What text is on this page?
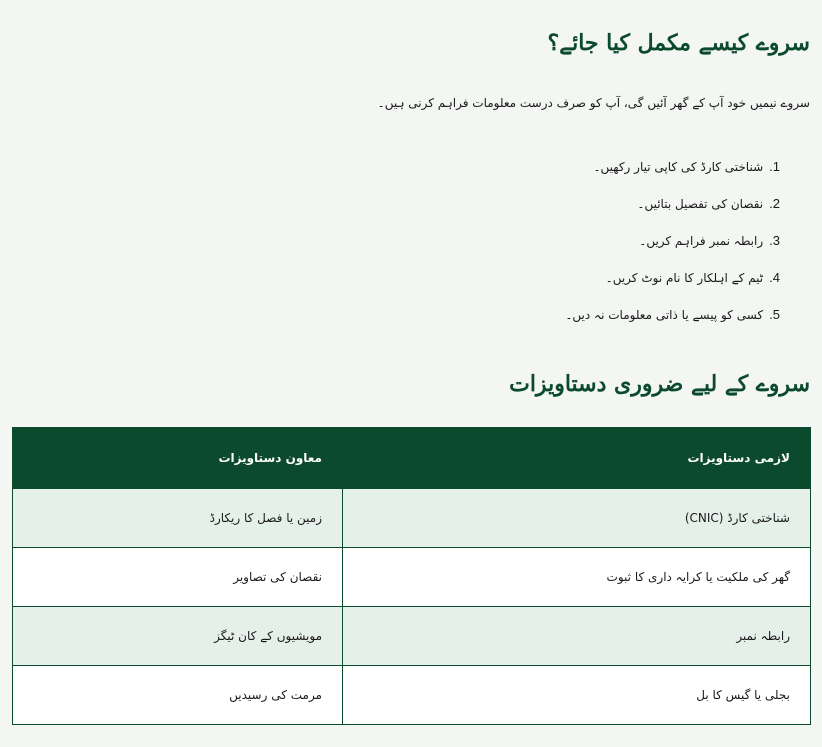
سروے کیسے مکمل کیا جائے؟

سروے نیمیں خود آپ کے گھر آئیں گی، آپ کو صرف درست معلومات فراہم کرنی ہیں۔

1.
شناختی کارڈ کی کاپی تیار رکھیں۔
2.
نقصان کی تفصیل بتائیں۔
3.
رابطہ نمبر فراہم کریں۔
4.
ٹیم کے اہلکار کا نام نوٹ کریں۔
5.
کسی کو پیسے یا ذاتی معلومات نہ دیں۔
سروے کے لیے ضروری دستاویزات
لازمی دستاویزات	معاون دستاویزات
شناختی کارڈ (CNIC)	زمین یا فصل کا ریکارڈ
گھر کی ملکیت یا کرایہ داری کا ثبوت	نقصان کی تصاویر
رابطہ نمبر	مویشیوں کے کان ٹیگز
بجلی یا گیس کا بل	مرمت کی رسیدیں
